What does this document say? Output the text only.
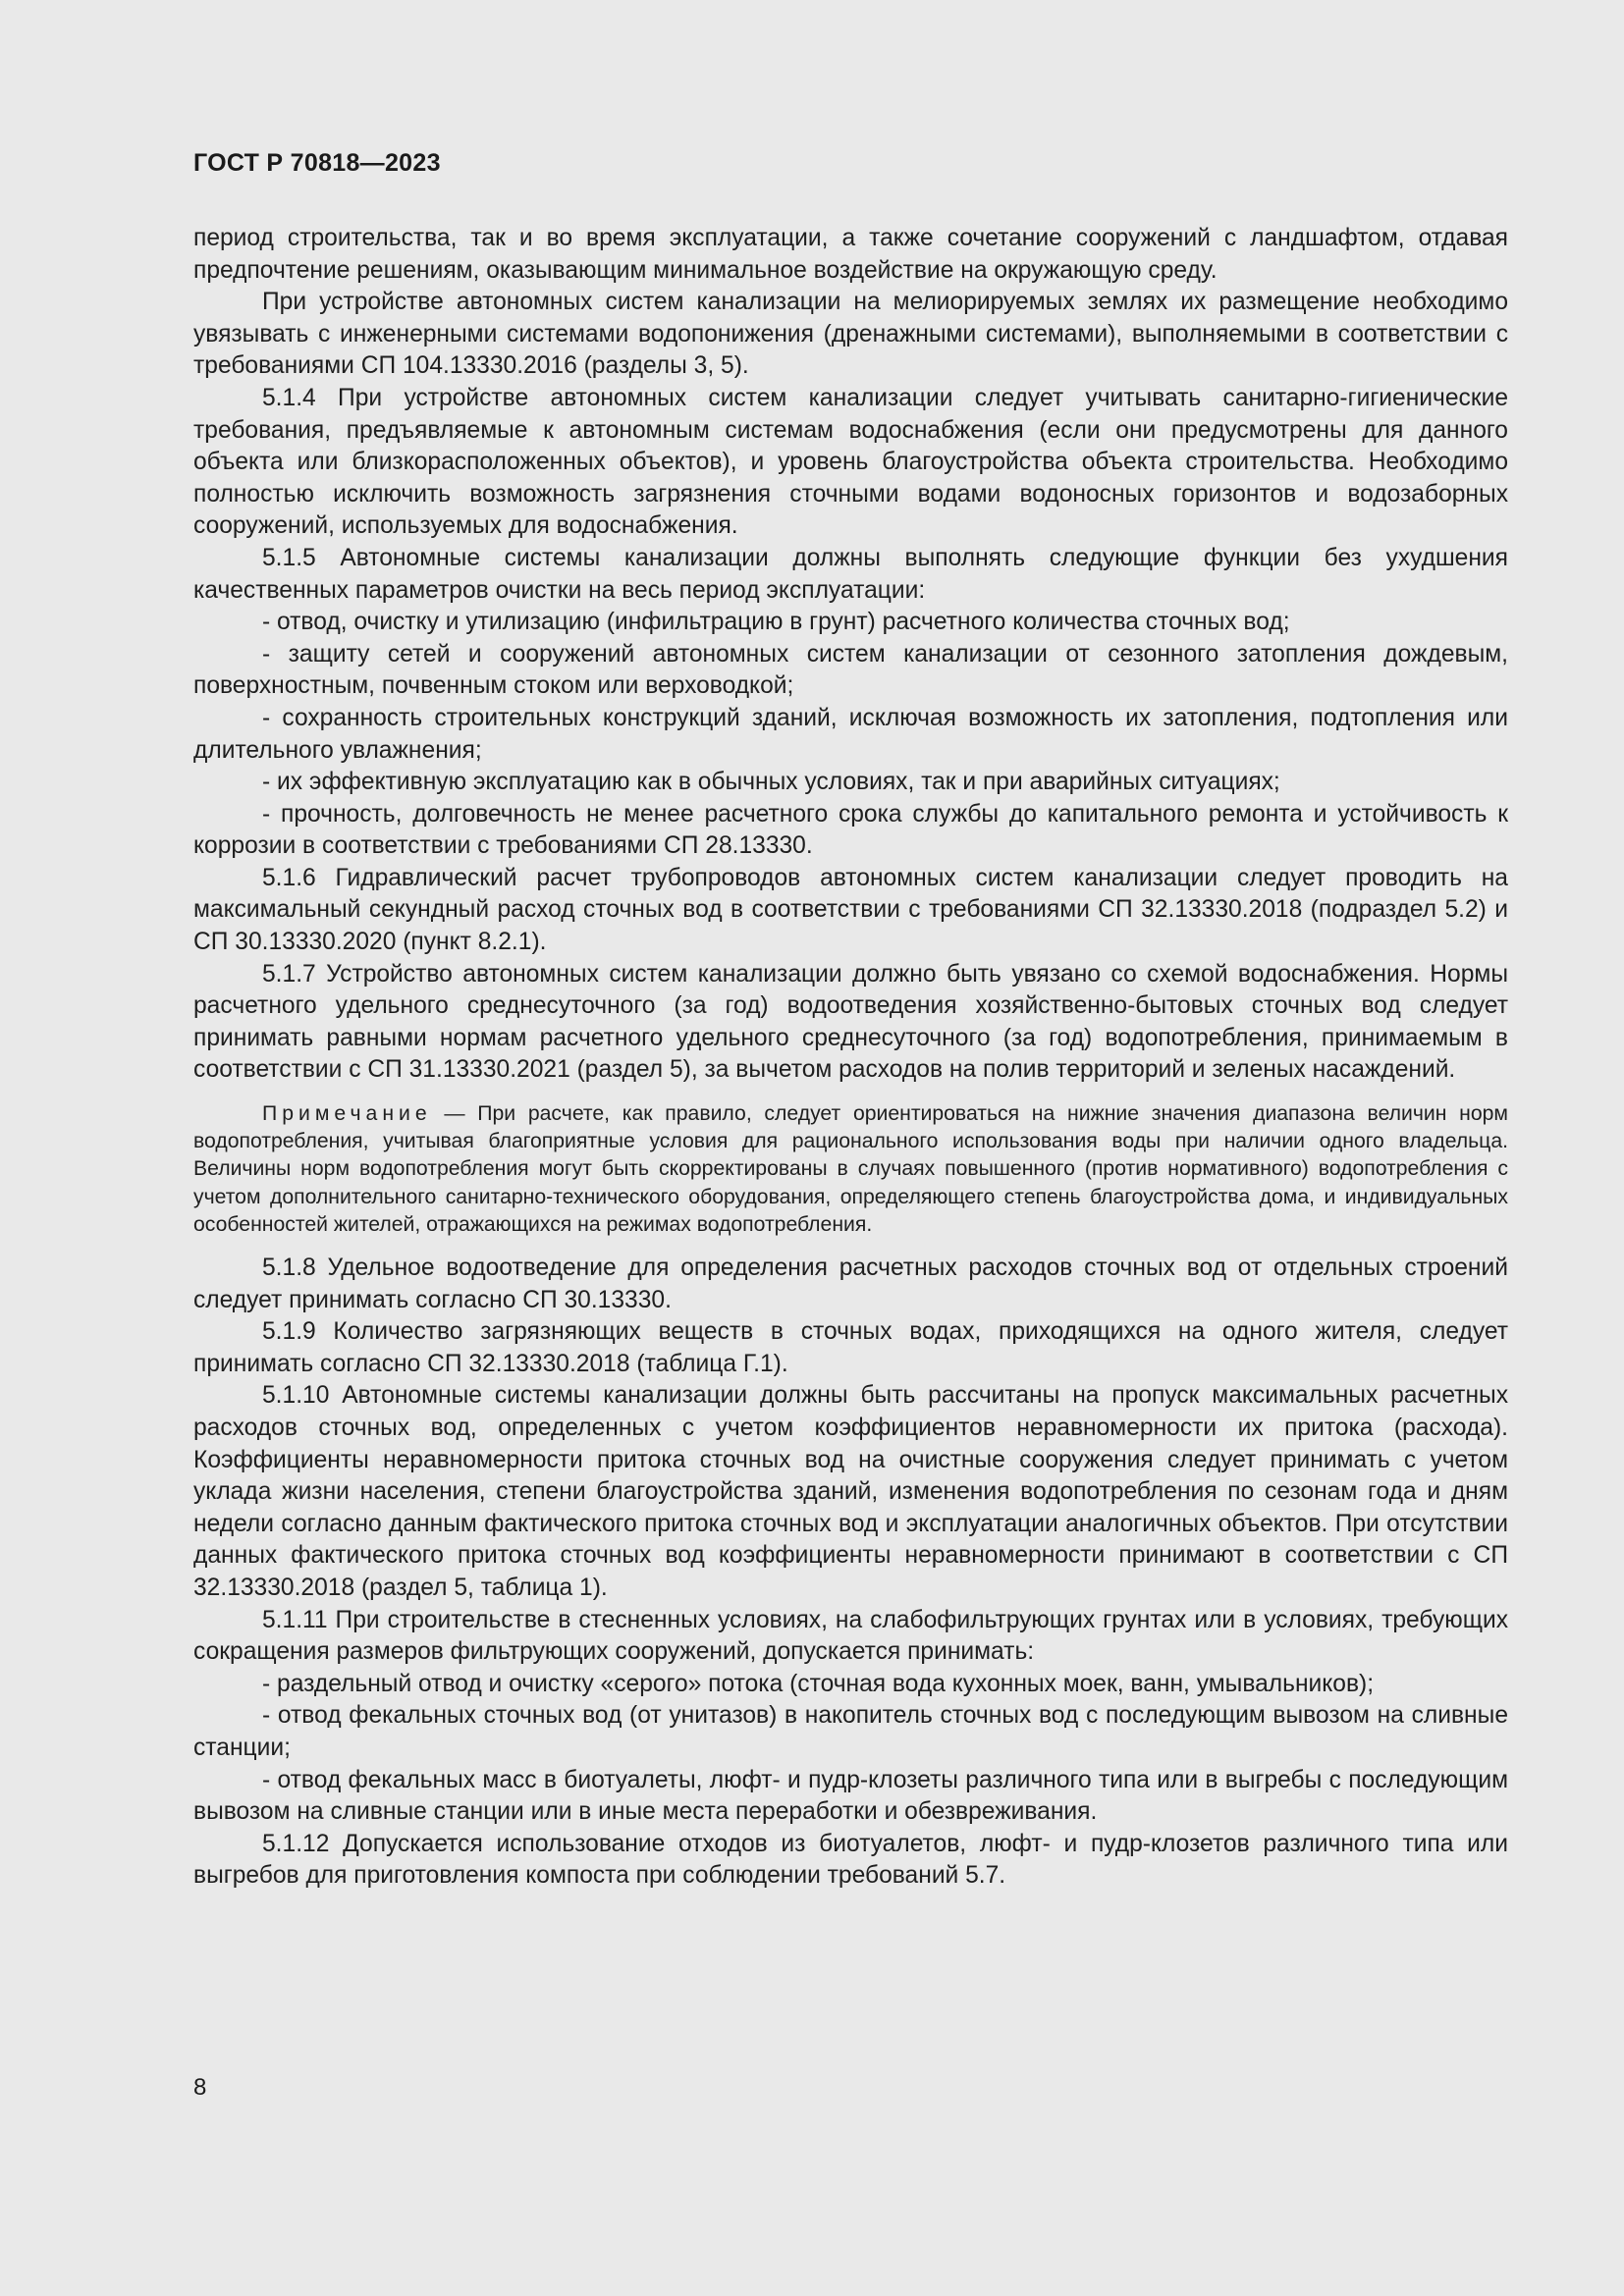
ГОСТ Р 70818—2023

период строительства, так и во время эксплуатации, а также сочетание сооружений с ландшафтом, отдавая предпочтение решениям, оказывающим минимальное воздействие на окружающую среду.

При устройстве автономных систем канализации на мелиорируемых землях их размещение необходимо увязывать с инженерными системами водопонижения (дренажными системами), выполняемыми в соответствии с требованиями СП 104.13330.2016 (разделы 3, 5).

5.1.4 При устройстве автономных систем канализации следует учитывать санитарно-гигиенические требования, предъявляемые к автономным системам водоснабжения (если они предусмотрены для данного объекта или близкорасположенных объектов), и уровень благоустройства объекта строительства. Необходимо полностью исключить возможность загрязнения сточными водами водоносных горизонтов и водозаборных сооружений, используемых для водоснабжения.

5.1.5 Автономные системы канализации должны выполнять следующие функции без ухудшения качественных параметров очистки на весь период эксплуатации:

- отвод, очистку и утилизацию (инфильтрацию в грунт) расчетного количества сточных вод;

- защиту сетей и сооружений автономных систем канализации от сезонного затопления дождевым, поверхностным, почвенным стоком или верховодкой;

- сохранность строительных конструкций зданий, исключая возможность их затопления, подтопления или длительного увлажнения;

- их эффективную эксплуатацию как в обычных условиях, так и при аварийных ситуациях;

- прочность, долговечность не менее расчетного срока службы до капитального ремонта и устойчивость к коррозии в соответствии с требованиями СП 28.13330.

5.1.6 Гидравлический расчет трубопроводов автономных систем канализации следует проводить на максимальный секундный расход сточных вод в соответствии с требованиями СП 32.13330.2018 (подраздел 5.2) и СП 30.13330.2020 (пункт 8.2.1).

5.1.7 Устройство автономных систем канализации должно быть увязано со схемой водоснабжения. Нормы расчетного удельного среднесуточного (за год) водоотведения хозяйственно-бытовых сточных вод следует принимать равными нормам расчетного удельного среднесуточного (за год) водопотребления, принимаемым в соответствии с СП 31.13330.2021 (раздел 5), за вычетом расходов на полив территорий и зеленых насаждений.

Примечание — При расчете, как правило, следует ориентироваться на нижние значения диапазона величин норм водопотребления, учитывая благоприятные условия для рационального использования воды при наличии одного владельца. Величины норм водопотребления могут быть скорректированы в случаях повышенного (против нормативного) водопотребления с учетом дополнительного санитарно-технического оборудования, определяющего степень благоустройства дома, и индивидуальных особенностей жителей, отражающихся на режимах водопотребления.

5.1.8 Удельное водоотведение для определения расчетных расходов сточных вод от отдельных строений следует принимать согласно СП 30.13330.

5.1.9 Количество загрязняющих веществ в сточных водах, приходящихся на одного жителя, следует принимать согласно СП 32.13330.2018 (таблица Г.1).

5.1.10 Автономные системы канализации должны быть рассчитаны на пропуск максимальных расчетных расходов сточных вод, определенных с учетом коэффициентов неравномерности их притока (расхода). Коэффициенты неравномерности притока сточных вод на очистные сооружения следует принимать с учетом уклада жизни населения, степени благоустройства зданий, изменения водопотребления по сезонам года и дням недели согласно данным фактического притока сточных вод и эксплуатации аналогичных объектов. При отсутствии данных фактического притока сточных вод коэффициенты неравномерности принимают в соответствии с СП 32.13330.2018 (раздел 5, таблица 1).

5.1.11 При строительстве в стесненных условиях, на слабофильтрующих грунтах или в условиях, требующих сокращения размеров фильтрующих сооружений, допускается принимать:

- раздельный отвод и очистку «серого» потока (сточная вода кухонных моек, ванн, умывальников);

- отвод фекальных сточных вод (от унитазов) в накопитель сточных вод с последующим вывозом на сливные станции;

- отвод фекальных масс в биотуалеты, люфт- и пудр-клозеты различного типа или в выгребы с последующим вывозом на сливные станции или в иные места переработки и обезвреживания.

5.1.12 Допускается использование отходов из биотуалетов, люфт- и пудр-клозетов различного типа или выгребов для приготовления компоста при соблюдении требований 5.7.

8
